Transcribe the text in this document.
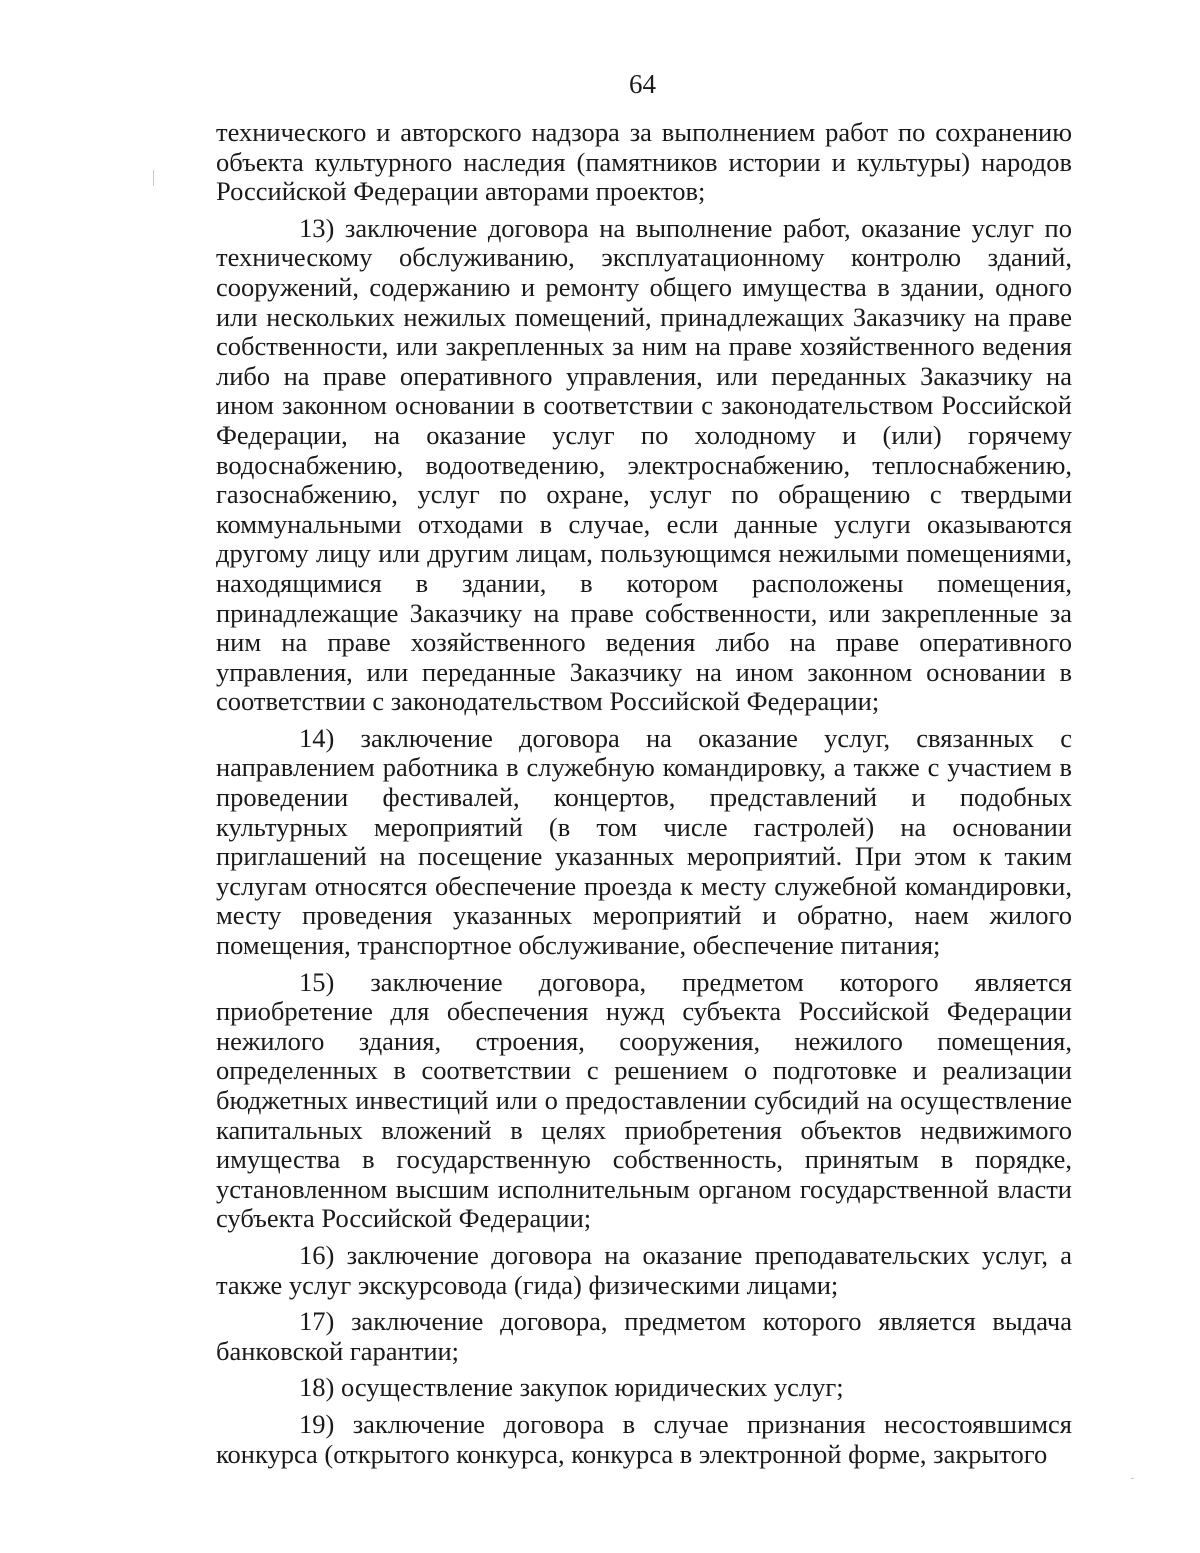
64

технического и авторского надзора за выполнением работ по сохранению объекта культурного наследия (памятников истории и культуры) народов Российской Федерации авторами проектов;

13) заключение договора на выполнение работ, оказание услуг по техническому обслуживанию, эксплуатационному контролю зданий, сооружений, содержанию и ремонту общего имущества в здании, одного или нескольких нежилых помещений, принадлежащих Заказчику на праве собственности, или закрепленных за ним на праве хозяйственного ведения либо на праве оперативного управления, или переданных Заказчику на ином законном основании в соответствии с законодательством Российской Федерации, на оказание услуг по холодному и (или) горячему водоснабжению, водоотведению, электроснабжению, теплоснабжению, газоснабжению, услуг по охране, услуг по обращению с твердыми коммунальными отходами в случае, если данные услуги оказываются другому лицу или другим лицам, пользующимся нежилыми помещениями, находящимися в здании, в котором расположены помещения, принадлежащие Заказчику на праве собственности, или закрепленные за ним на праве хозяйственного ведения либо на праве оперативного управления, или переданные Заказчику на ином законном основании в соответствии с законодательством Российской Федерации;

14) заключение договора на оказание услуг, связанных с направлением работника в служебную командировку, а также с участием в проведении фестивалей, концертов, представлений и подобных культурных мероприятий (в том числе гастролей) на основании приглашений на посещение указанных мероприятий. При этом к таким услугам относятся обеспечение проезда к месту служебной командировки, месту проведения указанных мероприятий и обратно, наем жилого помещения, транспортное обслуживание, обеспечение питания;

15) заключение договора, предметом которого является приобретение для обеспечения нужд субъекта Российской Федерации нежилого здания, строения, сооружения, нежилого помещения, определенных в соответствии с решением о подготовке и реализации бюджетных инвестиций или о предоставлении субсидий на осуществление капитальных вложений в целях приобретения объектов недвижимого имущества в государственную собственность, принятым в порядке, установленном высшим исполнительным органом государственной власти субъекта Российской Федерации;

16) заключение договора на оказание преподавательских услуг, а также услуг экскурсовода (гида) физическими лицами;

17) заключение договора, предметом которого является выдача банковской гарантии;

18) осуществление закупок юридических услуг;

19) заключение договора в случае признания несостоявшимся конкурса (открытого конкурса, конкурса в электронной форме, закрытого
